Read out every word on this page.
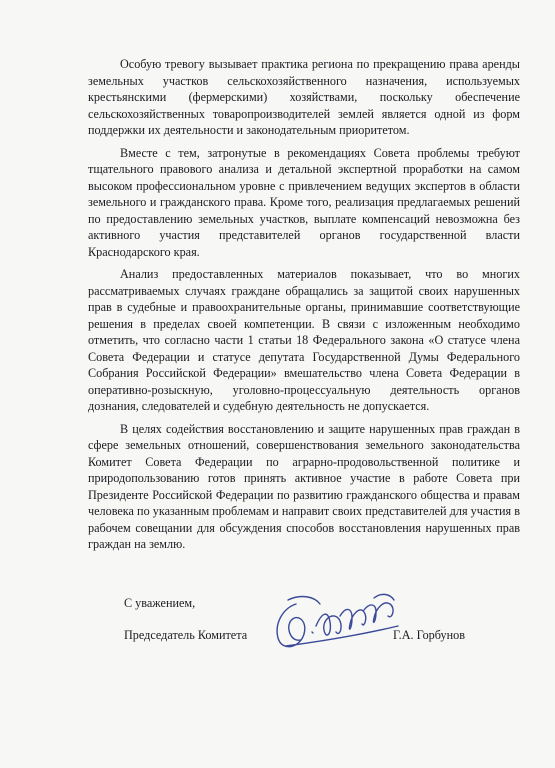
Особую тревогу вызывает практика региона по прекращению права аренды земельных участков сельскохозяйственного назначения, используемых крестьянскими (фермерскими) хозяйствами, поскольку обеспечение сельскохозяйственных товаропроизводителей землей является одной из форм поддержки их деятельности и законодательным приоритетом.

Вместе с тем, затронутые в рекомендациях Совета проблемы требуют тщательного правового анализа и детальной экспертной проработки на самом высоком профессиональном уровне с привлечением ведущих экспертов в области земельного и гражданского права. Кроме того, реализация предлагаемых решений по предоставлению земельных участков, выплате компенсаций невозможна без активного участия представителей органов государственной власти Краснодарского края.

Анализ предоставленных материалов показывает, что во многих рассматриваемых случаях граждане обращались за защитой своих нарушенных прав в судебные и правоохранительные органы, принимавшие соответствующие решения в пределах своей компетенции. В связи с изложенным необходимо отметить, что согласно части 1 статьи 18 Федерального закона «О статусе члена Совета Федерации и статусе депутата Государственной Думы Федерального Собрания Российской Федерации» вмешательство члена Совета Федерации в оперативно-розыскную, уголовно-процессуальную деятельность органов дознания, следователей и судебную деятельность не допускается.

В целях содействия восстановлению и защите нарушенных прав граждан в сфере земельных отношений, совершенствования земельного законодательства Комитет Совета Федерации по аграрно-продовольственной политике и природопользованию готов принять активное участие в работе Совета при Президенте Российской Федерации по развитию гражданского общества и правам человека по указанным проблемам и направит своих представителей для участия в рабочем совещании для обсуждения способов восстановления нарушенных прав граждан на землю.

С уважением,
Председатель Комитета	Г.А. Горбунов
